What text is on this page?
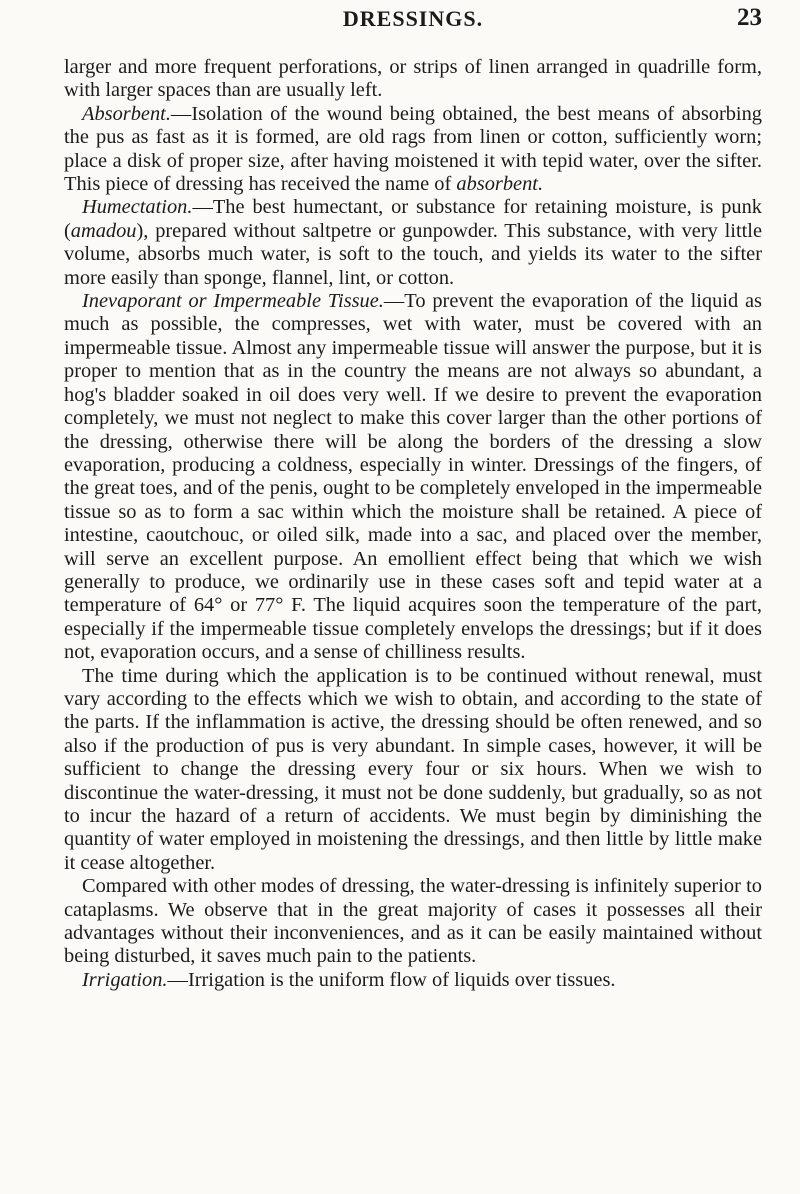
DRESSINGS.	23

larger and more frequent perforations, or strips of linen arranged in quadrille form, with larger spaces than are usually left.

Absorbent.—Isolation of the wound being obtained, the best means of absorbing the pus as fast as it is formed, are old rags from linen or cotton, sufficiently worn; place a disk of proper size, after having moistened it with tepid water, over the sifter. This piece of dressing has received the name of absorbent.

Humectation.—The best humectant, or substance for retaining moisture, is punk (amadou), prepared without saltpetre or gunpowder. This substance, with very little volume, absorbs much water, is soft to the touch, and yields its water to the sifter more easily than sponge, flannel, lint, or cotton.

Inevaporant or Impermeable Tissue.—To prevent the evaporation of the liquid as much as possible, the compresses, wet with water, must be covered with an impermeable tissue. Almost any impermeable tissue will answer the purpose, but it is proper to mention that as in the country the means are not always so abundant, a hog's bladder soaked in oil does very well. If we desire to prevent the evaporation completely, we must not neglect to make this cover larger than the other portions of the dressing, otherwise there will be along the borders of the dressing a slow evaporation, producing a coldness, especially in winter. Dressings of the fingers, of the great toes, and of the penis, ought to be completely enveloped in the impermeable tissue so as to form a sac within which the moisture shall be retained. A piece of intestine, caoutchouc, or oiled silk, made into a sac, and placed over the member, will serve an excellent purpose. An emollient effect being that which we wish generally to produce, we ordinarily use in these cases soft and tepid water at a temperature of 64° or 77° F. The liquid acquires soon the temperature of the part, especially if the impermeable tissue completely envelops the dressings; but if it does not, evaporation occurs, and a sense of chilliness results.

The time during which the application is to be continued without renewal, must vary according to the effects which we wish to obtain, and according to the state of the parts. If the inflammation is active, the dressing should be often renewed, and so also if the production of pus is very abundant. In simple cases, however, it will be sufficient to change the dressing every four or six hours. When we wish to discontinue the water-dressing, it must not be done suddenly, but gradually, so as not to incur the hazard of a return of accidents. We must begin by diminishing the quantity of water employed in moistening the dressings, and then little by little make it cease altogether.

Compared with other modes of dressing, the water-dressing is infinitely superior to cataplasms. We observe that in the great majority of cases it possesses all their advantages without their inconveniences, and as it can be easily maintained without being disturbed, it saves much pain to the patients.

Irrigation.—Irrigation is the uniform flow of liquids over tissues.
